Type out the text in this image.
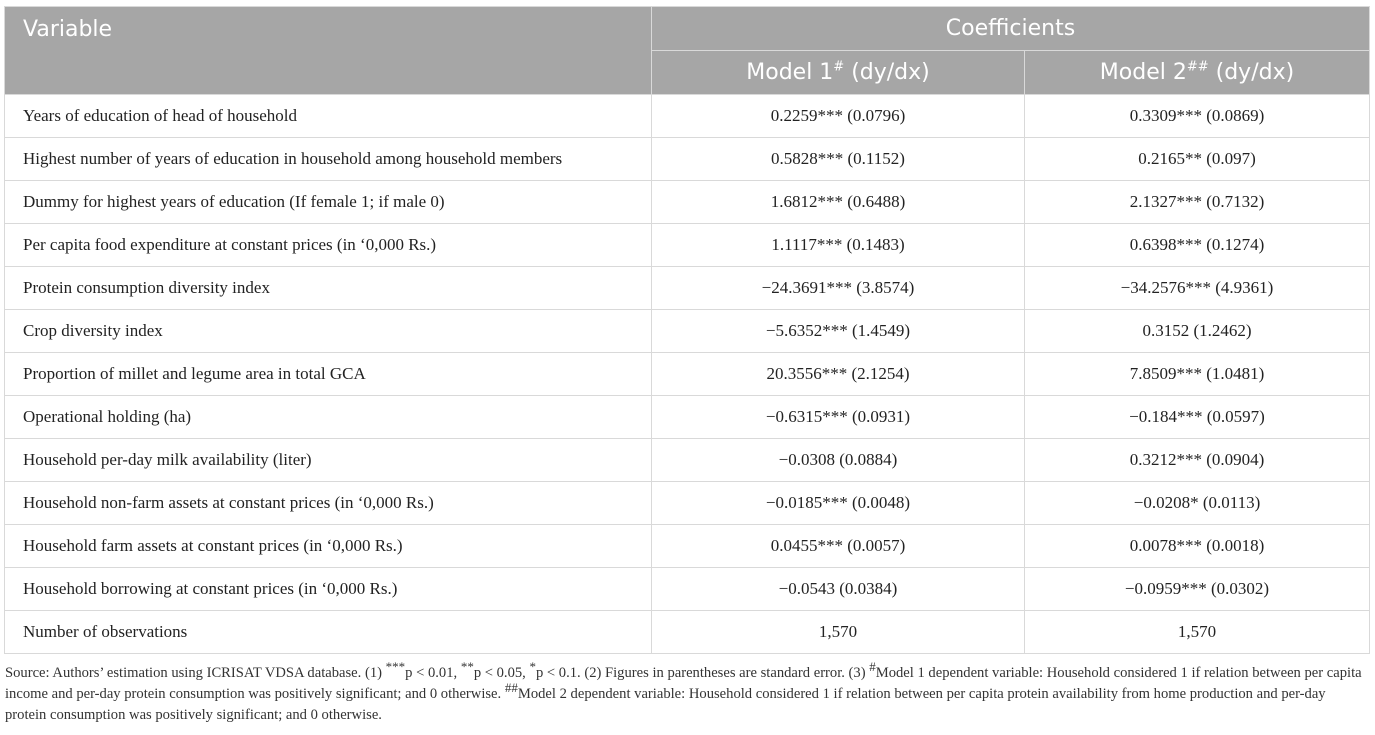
Variable	Coefficients	
	Model 1# (dy/dx)	Model 2## (dy/dx)
Years of education of head of household	0.2259*** (0.0796)	0.3309*** (0.0869)
Highest number of years of education in household among household members	0.5828*** (0.1152)	0.2165** (0.097)
Dummy for highest years of education (If female 1; if male 0)	1.6812*** (0.6488)	2.1327*** (0.7132)
Per capita food expenditure at constant prices (in ‘0,000 Rs.)	1.1117*** (0.1483)	0.6398*** (0.1274)
Protein consumption diversity index	−24.3691*** (3.8574)	−34.2576*** (4.9361)
Crop diversity index	−5.6352*** (1.4549)	0.3152 (1.2462)
Proportion of millet and legume area in total GCA	20.3556*** (2.1254)	7.8509*** (1.0481)
Operational holding (ha)	−0.6315*** (0.0931)	−0.184*** (0.0597)
Household per-day milk availability (liter)	−0.0308 (0.0884)	0.3212*** (0.0904)
Household non-farm assets at constant prices (in ‘0,000 Rs.)	−0.0185*** (0.0048)	−0.0208* (0.0113)
Household farm assets at constant prices (in ‘0,000 Rs.)	0.0455*** (0.0057)	0.0078*** (0.0018)
Household borrowing at constant prices (in ‘0,000 Rs.)	−0.0543 (0.0384)	−0.0959*** (0.0302)
Number of observations	1,570	1,570
Source: Authors’ estimation using ICRISAT VDSA database. (1) ***p < 0.01, **p < 0.05, *p < 0.1. (2) Figures in parentheses are standard error. (3) #Model 1 dependent variable: Household considered 1 if relation between per capita income and per-day protein consumption was positively significant; and 0 otherwise. ##Model 2 dependent variable: Household considered 1 if relation between per capita protein availability from home production and per-day protein consumption was positively significant; and 0 otherwise.
